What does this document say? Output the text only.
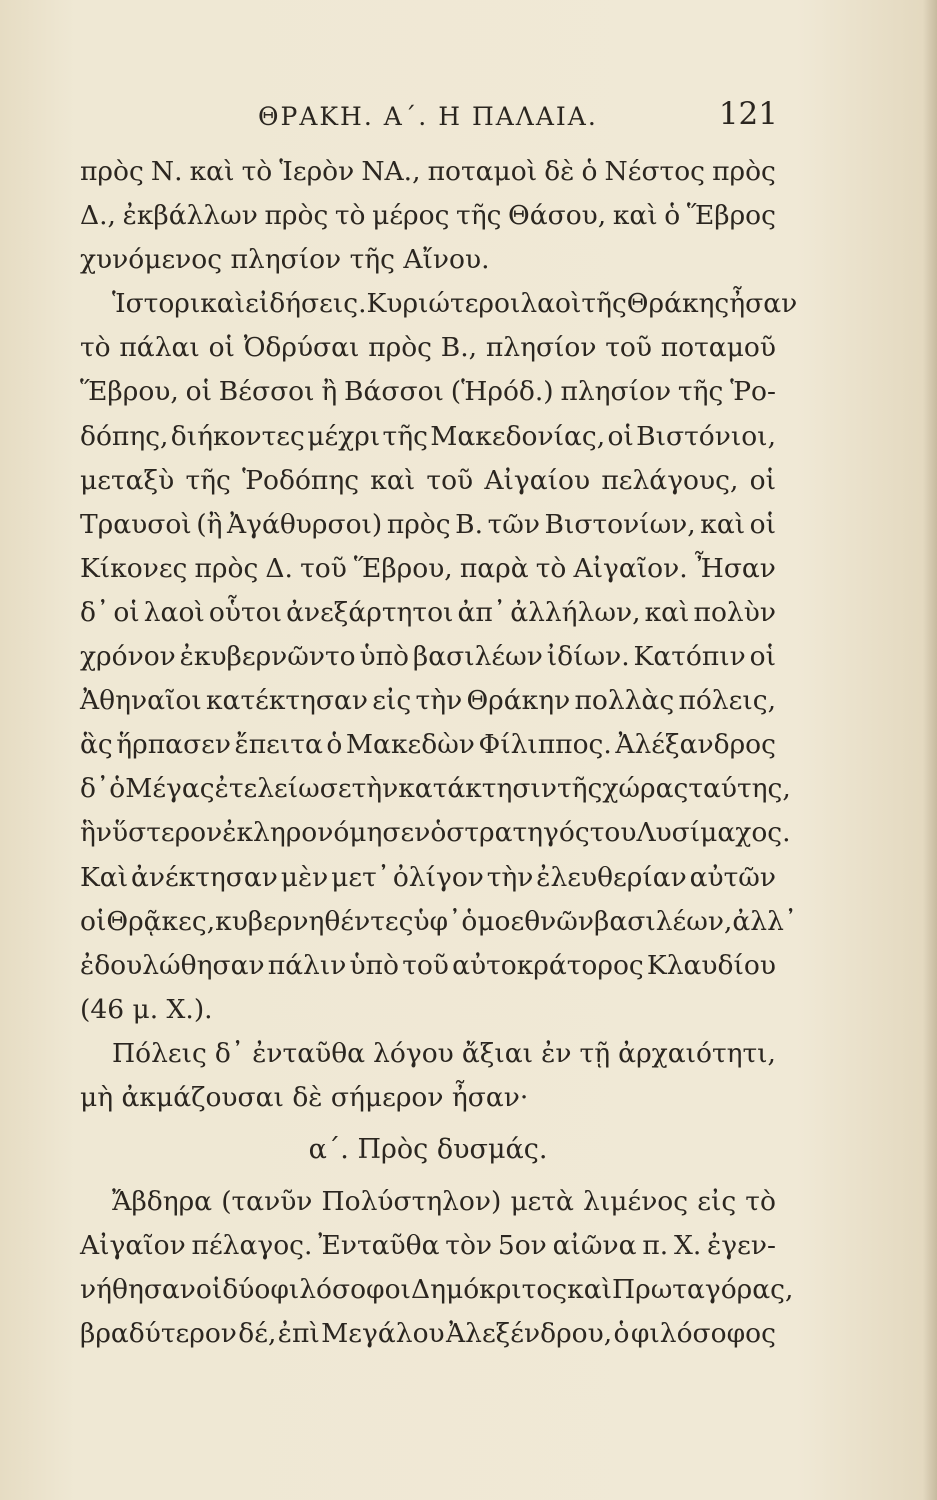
ΘΡΑΚΗ. Α΄. Η ΠΑΛΑΙΑ.	121
πρὸς Ν. καὶ τὸ Ἱερὸν ΝΑ., ποταμοὶ δὲ ὁ Νέστος πρὸς
Δ., ἐκβάλλων πρὸς τὸ μέρος τῆς Θάσου, καὶ ὁ Ἕβρος
χυνόμενος πλησίον τῆς Αἴνου.
Ἱστορικαὶ εἰδήσεις. Κυριώτεροι λαοὶ τῆς Θράκης ἦσαν
τὸ πάλαι οἱ Ὀδρύσαι πρὸς Β., πλησίον τοῦ ποταμοῦ
Ἕβρου, οἱ Βέσσοι ἢ Βάσσοι (Ἡρόδ.) πλησίον τῆς Ῥο-
δόπης, διήκοντες μέχρι τῆς Μακεδονίας, οἱ Βιστόνιοι,
μεταξὺ τῆς Ῥοδόπης καὶ τοῦ Αἰγαίου πελάγους, οἱ
Τραυσοὶ (ἢ Ἀγάθυρσοι) πρὸς Β. τῶν Βιστονίων, καὶ οἱ
Κίκονες πρὸς Δ. τοῦ Ἕβρου, παρὰ τὸ Αἰγαῖον. Ἦσαν
δ᾽ οἱ λαοὶ οὗτοι ἀνεξάρτητοι ἀπ᾽ ἀλλήλων, καὶ πολὺν
χρόνον ἐκυβερνῶντο ὑπὸ βασιλέων ἰδίων. Κατόπιν οἱ
Ἀθηναῖοι κατέκτησαν εἰς τὴν Θράκην πολλὰς πόλεις,
ἃς ἥρπασεν ἔπειτα ὁ Μακεδὼν Φίλιππος. Ἀλέξανδρος
δ᾽ ὁ Μέγας ἐτελείωσε τὴν κατάκτησιν τῆς χώρας ταύτης,
ἣν ὕστερον ἐκληρονόμησεν ὁ στρατηγός του Λυσίμαχος.
Καὶ ἀνέκτησαν μὲν μετ᾽ ὀλίγον τὴν ἐλευθερίαν αὐτῶν
οἱ Θρᾷκες, κυβερνηθέντες ὑφ᾽ ὁμοεθνῶν βασιλέων, ἀλλ᾽
ἐδουλώθησαν πάλιν ὑπὸ τοῦ αὐτοκράτορος Κλαυδίου
(46 μ. Χ.).
Πόλεις δ᾽ ἐνταῦθα λόγου ἄξιαι ἐν τῇ ἀρχαιότητι,
μὴ ἀκμάζουσαι δὲ σήμερον ἦσαν·
α΄. Πρὸς δυσμάς.
Ἄβδηρα (τανῦν Πολύστηλον) μετὰ λιμένος εἰς τὸ
Αἰγαῖον πέλαγος. Ἐνταῦθα τὸν 5ον αἰῶνα π. Χ. ἐγεν-
νήθησαν οἱ δύο φιλόσοφοι Δημόκριτος καὶ Πρωταγόρας,
βραδύτερον δέ, ἐπὶ Μεγάλου Ἀλεξένδρου, ὁ φιλόσοφος
